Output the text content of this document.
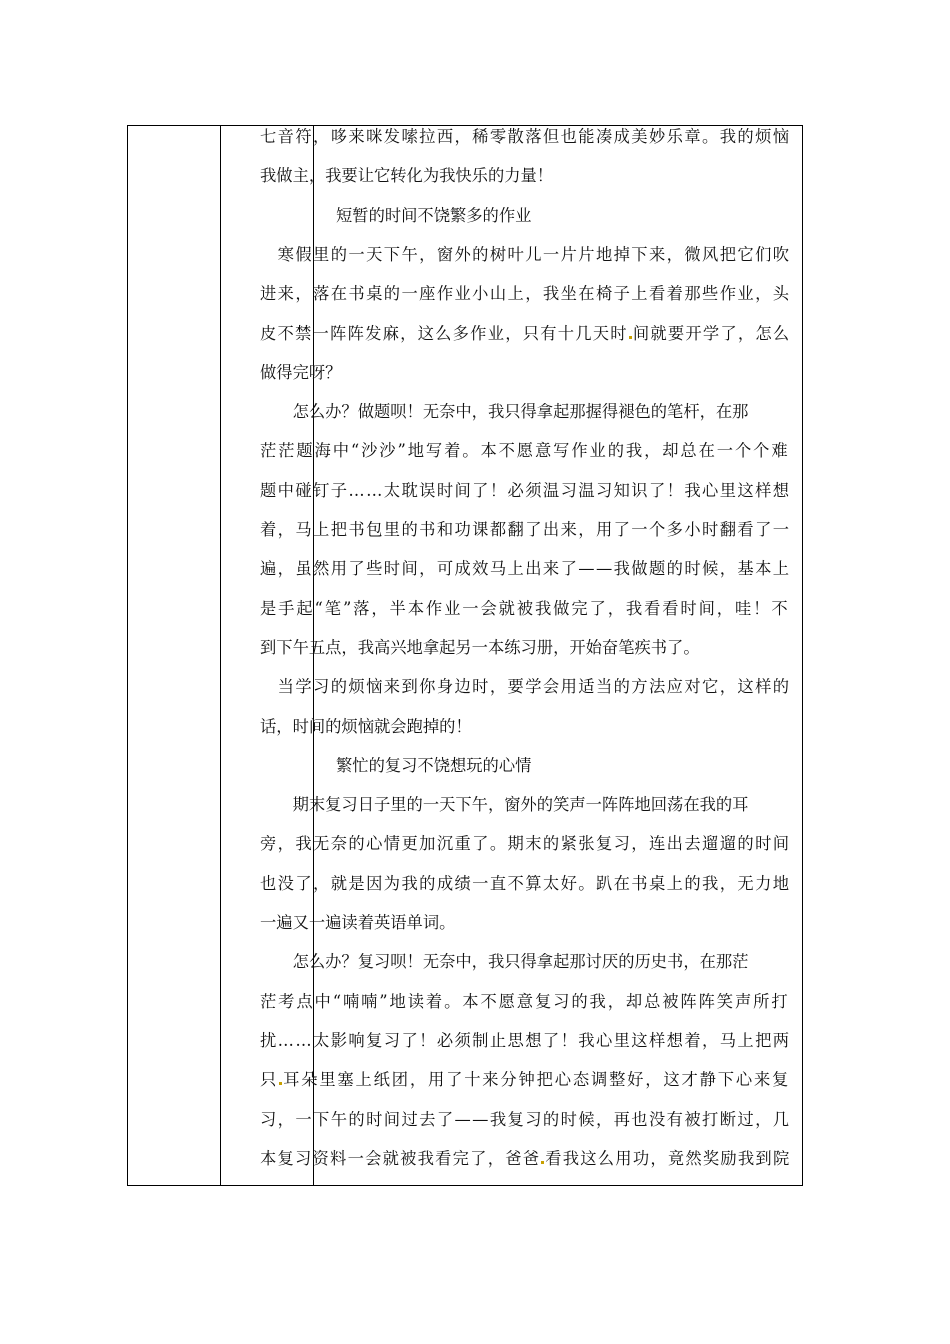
七音符，哆来咪发嗦拉西，稀零散落但也能凑成美妙乐章。我的烦恼
我做主，我要让它转化为我快乐的力量！
短暂的时间不饶繁多的作业
　寒假里的一天下午，窗外的树叶儿一片片地掉下来，微风把它们吹
进来，落在书桌的一座作业小山上，我坐在椅子上看着那些作业，头
皮不禁一阵阵发麻，这么多作业，只有十几天时 间就要开学了，怎么
做得完呀？
　　怎么办？做题呗！无奈中，我只得拿起那握得褪色的笔杆，在那
茫茫题海中“沙沙”地写着。本不愿意写作业的我，却总在一个个难
题中碰钉子……太耽误时间了！必须温习温习知识了！我心里这样想
着，马上把书包里的书和功课都翻了出来，用了一个多小时翻看了一
遍，虽然用了些时间，可成效马上出来了——我做题的时候，基本上
是手起“笔”落，半本作业一会就被我做完了，我看看时间，哇！不
到下午五点，我高兴地拿起另一本练习册，开始奋笔疾书了。
　当学习的烦恼来到你身边时，要学会用适当的方法应对它，这样的
话，时间的烦恼就会跑掉的！
繁忙的复习不饶想玩的心情
　　期末复习日子里的一天下午，窗外的笑声一阵阵地回荡在我的耳
旁，我无奈的心情更加沉重了。期末的紧张复习，连出去遛遛的时间
也没了，就是因为我的成绩一直不算太好。趴在书桌上的我，无力地
一遍又一遍读着英语单词。
　　怎么办？复习呗！无奈中，我只得拿起那讨厌的历史书，在那茫
茫考点中“喃喃”地读着。本不愿意复习的我，却总被阵阵笑声所打
扰……太影响复习了！必须制止思想了！我心里这样想着，马上把两
只 耳朵里塞上纸团，用了十来分钟把心态调整好，这才静下心来复
习，一下午的时间过去了——我复习的时候，再也没有被打断过，几
本复习资料一会就被我看完了，爸爸 看我这么用功，竟然奖励我到院
